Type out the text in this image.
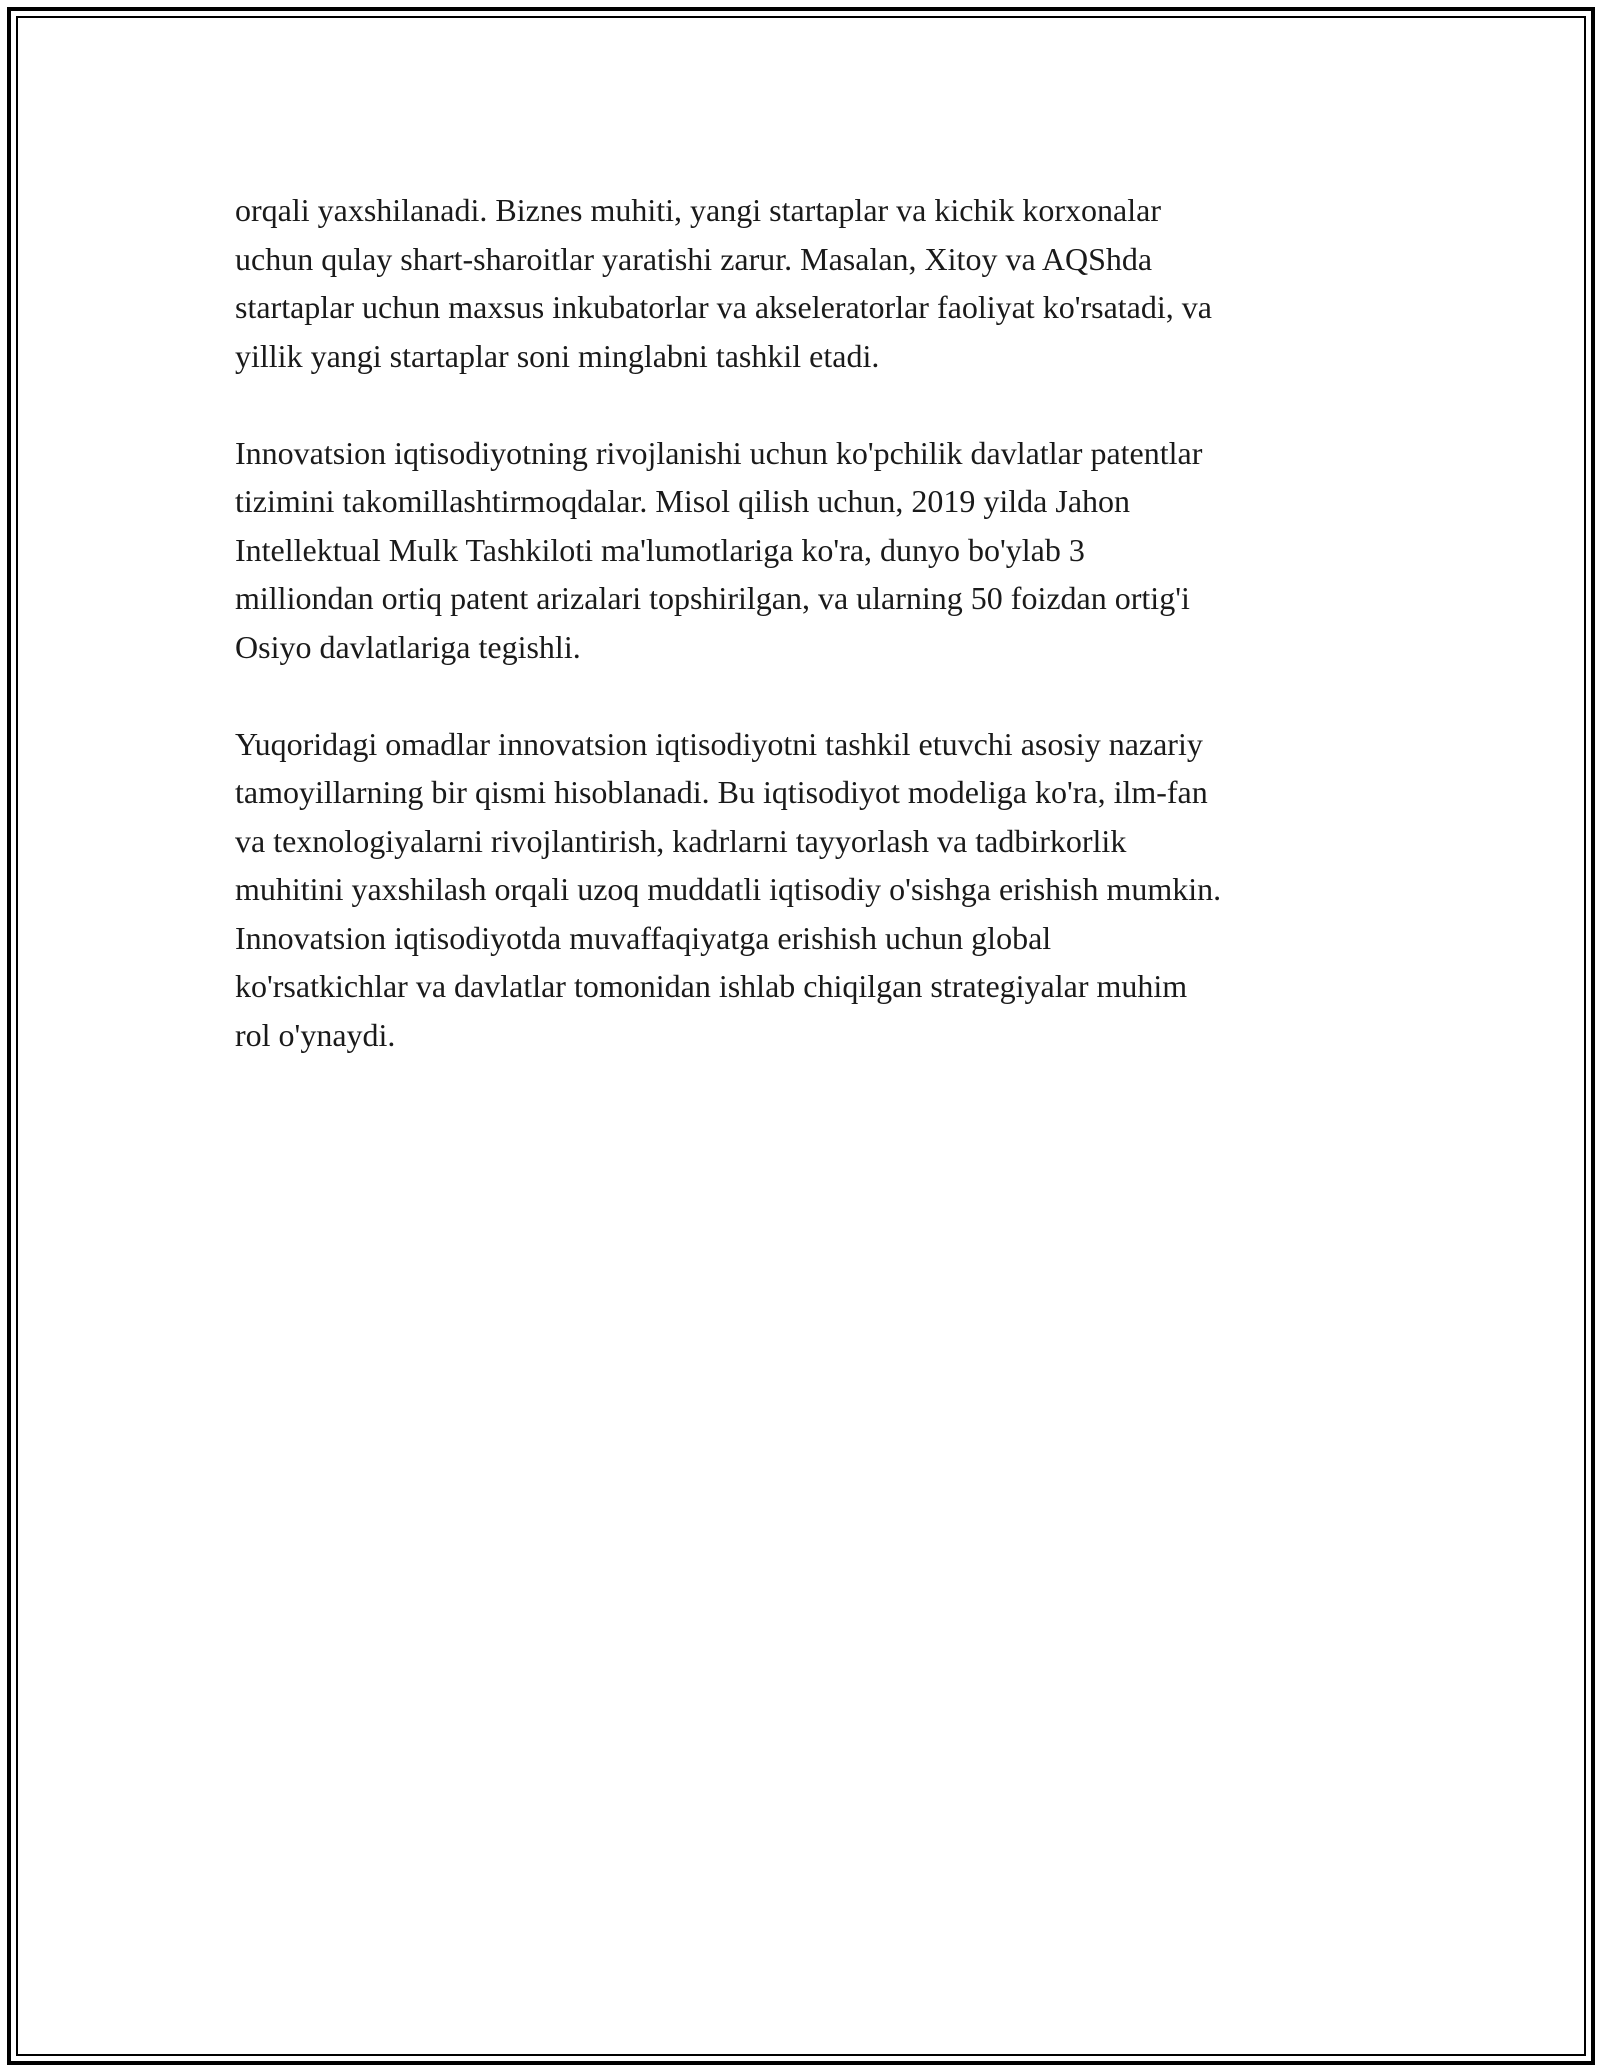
orqali yaxshilanadi. Biznes muhiti, yangi startaplar va kichik korxonalar
uchun qulay shart-sharoitlar yaratishi zarur. Masalan, Xitoy va AQShda
startaplar uchun maxsus inkubatorlar va akseleratorlar faoliyat ko'rsatadi, va
yillik yangi startaplar soni minglabni tashkil etadi.

Innovatsion iqtisodiyotning rivojlanishi uchun ko'pchilik davlatlar patentlar
tizimini takomillashtirmoqdalar. Misol qilish uchun, 2019 yilda Jahon
Intellektual Mulk Tashkiloti ma'lumotlariga ko'ra, dunyo bo'ylab 3
milliondan ortiq patent arizalari topshirilgan, va ularning 50 foizdan ortig'i
Osiyo davlatlariga tegishli.

Yuqoridagi omadlar innovatsion iqtisodiyotni tashkil etuvchi asosiy nazariy
tamoyillarning bir qismi hisoblanadi. Bu iqtisodiyot modeliga ko'ra, ilm-fan
va texnologiyalarni rivojlantirish, kadrlarni tayyorlash va tadbirkorlik
muhitini yaxshilash orqali uzoq muddatli iqtisodiy o'sishga erishish mumkin.
Innovatsion iqtisodiyotda muvaffaqiyatga erishish uchun global
ko'rsatkichlar va davlatlar tomonidan ishlab chiqilgan strategiyalar muhim
rol o'ynaydi.
